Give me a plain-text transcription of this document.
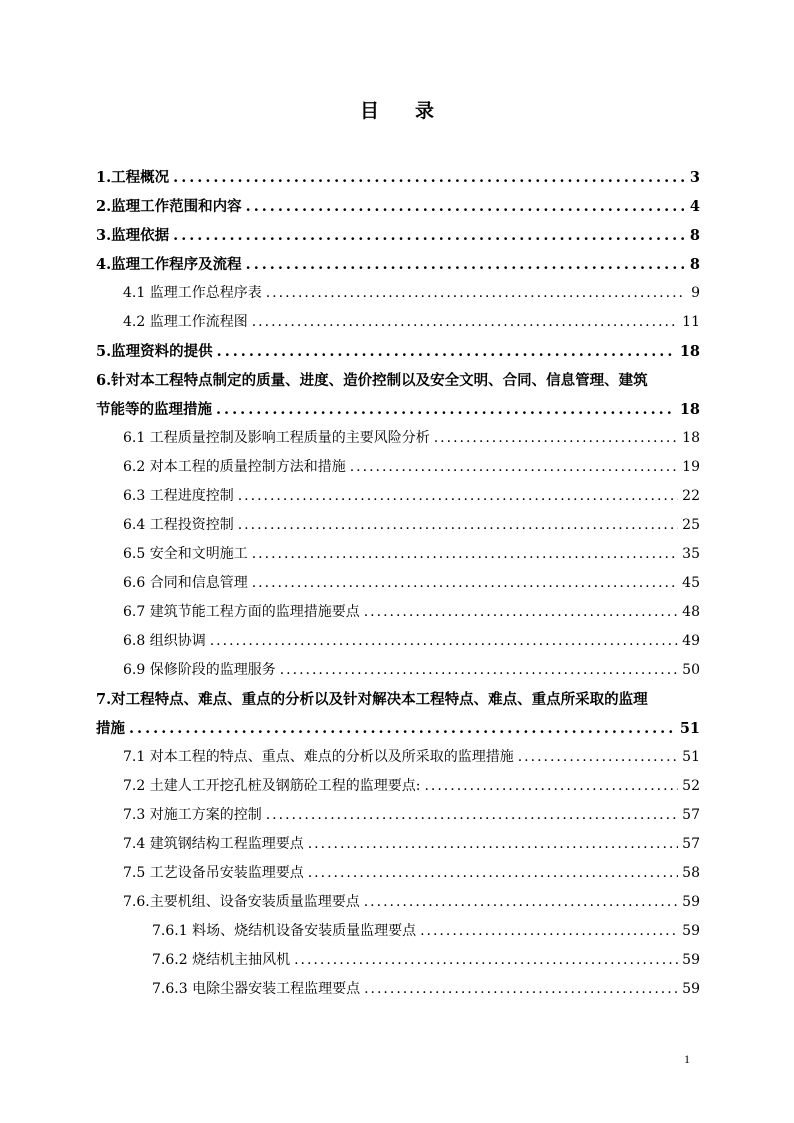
目 录
1.工程概况 .....	3
2.监理工作范围和内容 .....	4
3.监理依据 .....	8
4.监理工作程序及流程 .....	8
4.1 监理工作总程序表 .....	9
4.2 监理工作流程图 .....	11
5.监理资料的提供 .....	18
6.针对本工程特点制定的质量、进度、造价控制以及安全文明、合同、信息管理、建筑
节能等的监理措施 .....	18
6.1 工程质量控制及影响工程质量的主要风险分析 .....	18
6.2 对本工程的质量控制方法和措施 .....	19
6.3 工程进度控制 .....	22
6.4 工程投资控制 .....	25
6.5 安全和文明施工 .....	35
6.6 合同和信息管理 .....	45
6.7 建筑节能工程方面的监理措施要点 .....	48
6.8 组织协调 .....	49
6.9 保修阶段的监理服务 .....	50
7.对工程特点、难点、重点的分析以及针对解决本工程特点、难点、重点所采取的监理
措施 .....	51
7.1 对本工程的特点、重点、难点的分析以及所采取的监理措施 .....	51
7.2 土建人工开挖孔桩及钢筋砼工程的监理要点: .....	52
7.3 对施工方案的控制 .....	57
7.4 建筑钢结构工程监理要点 .....	57
7.5 工艺设备吊安装监理要点 .....	58
7.6.主要机组、设备安装质量监理要点 .....	59
7.6.1 料场、烧结机设备安装质量监理要点 .....	59
7.6.2 烧结机主抽风机 .....	59
7.6.3 电除尘器安装工程监理要点 .....	59
1
